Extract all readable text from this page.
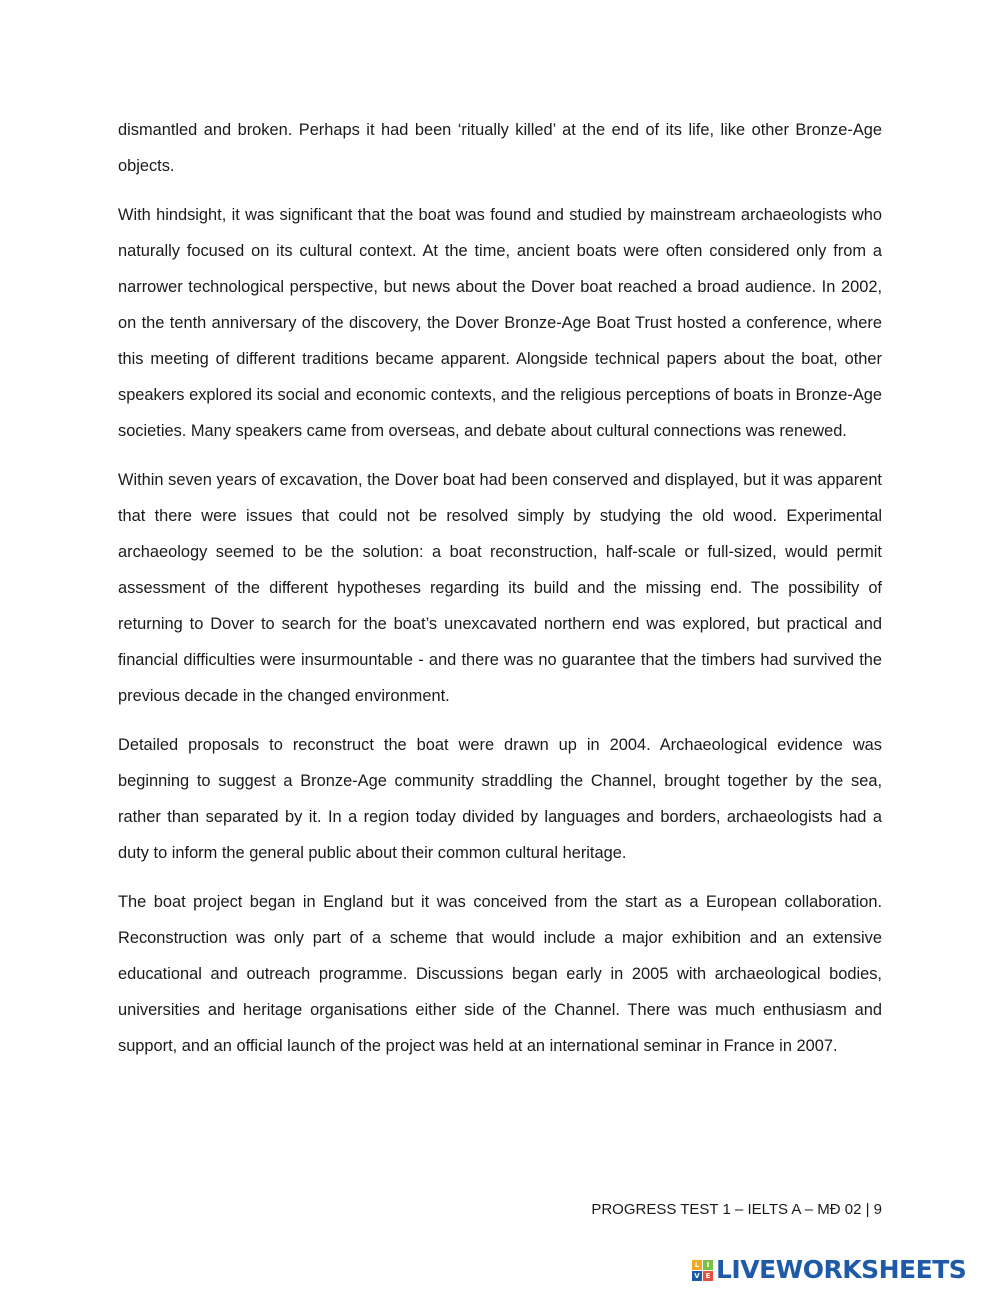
dismantled and broken. Perhaps it had been ‘ritually killed’ at the end of its life, like other Bronze-Age objects.

With hindsight, it was significant that the boat was found and studied by mainstream archaeologists who naturally focused on its cultural context. At the time, ancient boats were often considered only from a narrower technological perspective, but news about the Dover boat reached a broad audience. In 2002, on the tenth anniversary of the discovery, the Dover Bronze-Age Boat Trust hosted a conference, where this meeting of different traditions became apparent. Alongside technical papers about the boat, other speakers explored its social and economic contexts, and the religious perceptions of boats in Bronze-Age societies. Many speakers came from overseas, and debate about cultural connections was renewed.

Within seven years of excavation, the Dover boat had been conserved and displayed, but it was apparent that there were issues that could not be resolved simply by studying the old wood. Experimental archaeology seemed to be the solution: a boat reconstruction, half-scale or full-sized, would permit assessment of the different hypotheses regarding its build and the missing end. The possibility of returning to Dover to search for the boat’s unexcavated northern end was explored, but practical and financial difficulties were insurmountable - and there was no guarantee that the timbers had survived the previous decade in the changed environment.

Detailed proposals to reconstruct the boat were drawn up in 2004. Archaeological evidence was beginning to suggest a Bronze-Age community straddling the Channel, brought together by the sea, rather than separated by it. In a region today divided by languages and borders, archaeologists had a duty to inform the general public about their common cultural heritage.

The boat project began in England but it was conceived from the start as a European collaboration. Reconstruction was only part of a scheme that would include a major exhibition and an extensive educational and outreach programme. Discussions began early in 2005 with archaeological bodies, universities and heritage organisations either side of the Channel. There was much enthusiasm and support, and an official launch of the project was held at an international seminar in France in 2007.

PROGRESS TEST 1 – IELTS A – MĐ 02 | 9
L	I
V E LIVEWORKSHEETS
